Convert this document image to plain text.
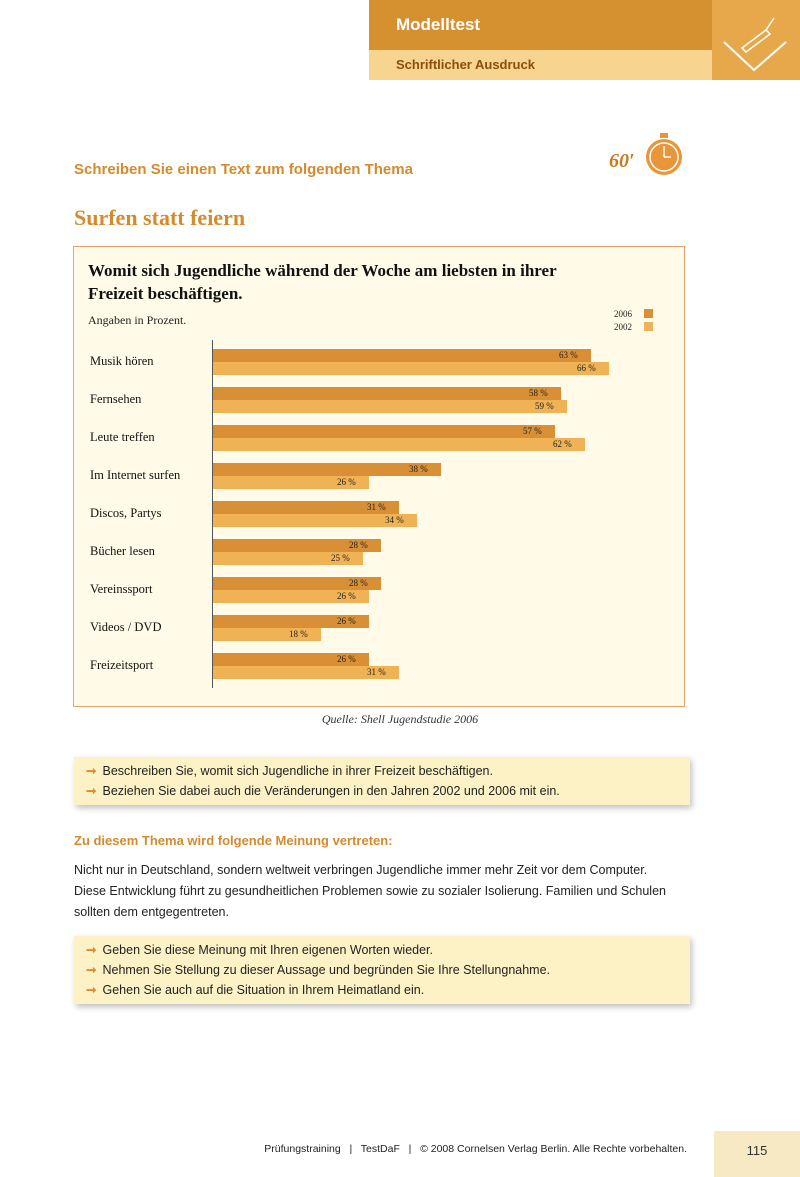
Modelltest
Schriftlicher Ausdruck
Schreiben Sie einen Text zum folgenden Thema	60′
Surfen statt feiern
Womit sich Jugendliche während der Woche am liebsten in ihrer
Freizeit beschäftigen.
Angaben in Prozent.	2006
2002
Musik hören	63 %
66 %
Fernsehen	58 %
59 %
Leute treffen	57 %
62 %
Im Internet surfen	38 %
26 %
Discos, Partys	31 %
34 %
Bücher lesen	28 %
25 %
Vereinssport	28 %
26 %
Videos / DVD	26 %
18 %
Freizeitsport	26 %
31 %
Quelle: Shell Jugendstudie 2006
➞ Beschreiben Sie, womit sich Jugendliche in ihrer Freizeit beschäftigen.
➞ Beziehen Sie dabei auch die Veränderungen in den Jahren 2002 und 2006 mit ein.
Zu diesem Thema wird folgende Meinung vertreten:
Nicht nur in Deutschland, sondern weltweit verbringen Jugendliche immer mehr Zeit vor dem Computer. Diese Entwicklung führt zu gesundheitlichen Problemen sowie zu sozialer Isolierung. Familien und Schulen sollten dem entgegentreten.
➞ Geben Sie diese Meinung mit Ihren eigenen Worten wieder.
➞ Nehmen Sie Stellung zu dieser Aussage und begründen Sie Ihre Stellungnahme.
➞ Gehen Sie auch auf die Situation in Ihrem Heimatland ein.
Prüfungstraining   |   TestDaF   |   © 2008 Cornelsen Verlag Berlin. Alle Rechte vorbehalten.	115
